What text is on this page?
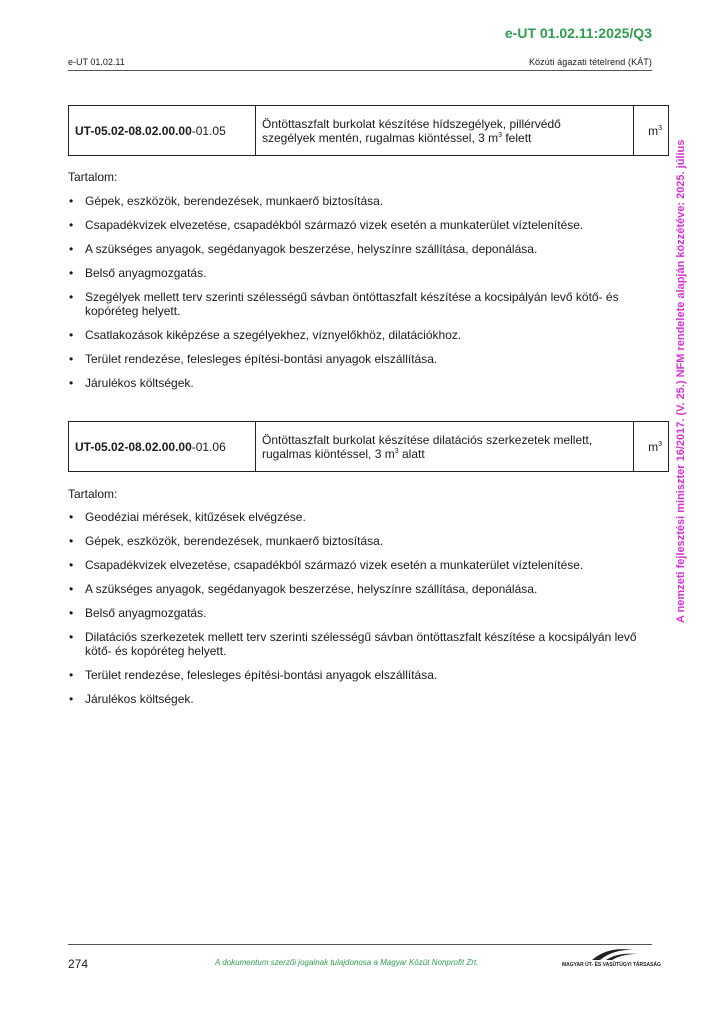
e-UT 01.02.11:2025/Q3
e-UT 01.02.11	Közúti ágazati tételrend (KÁT)
A nemzeti fejlesztési miniszter 16/2017. (V. 25.) NFM rendelete alapján közzétéve: 2025. július
UT-05.02-08.02.00.00-01.05	Öntöttaszfalt burkolat készítése hídszegélyek, pillérvédő
szegélyek mentén, rugalmas kiöntéssel, 3 $m^3$ felett	$m^3$
Tartalom:
• Gépek, eszközök, berendezések, munkaerő biztosítása.
• Csapadékvizek elvezetése, csapadékból származó vizek esetén a munkaterület víztelenítése.
• A szükséges anyagok, segédanyagok beszerzése, helyszínre szállítása, deponálása.
• Belső anyagmozgatás.
• Szegélyek mellett terv szerinti szélességű sávban öntöttaszfalt készítése a kocsipályán levő kötő- és kopóréteg helyett.
• Csatlakozások kiképzése a szegélyekhez, víznyelőkhöz, dilatációkhoz.
• Terület rendezése, felesleges építési-bontási anyagok elszállítása.
• Járulékos költségek.
UT-05.02-08.02.00.00-01.06	Öntöttaszfalt burkolat készítése dilatációs szerkezetek mellett,
rugalmas kiöntéssel, 3 $m^3$ alatt	$m^3$
Tartalom:
• Geodéziai mérések, kitűzések elvégzése.
• Gépek, eszközök, berendezések, munkaerő biztosítása.
• Csapadékvizek elvezetése, csapadékból származó vizek esetén a munkaterület víztelenítése.
• A szükséges anyagok, segédanyagok beszerzése, helyszínre szállítása, deponálása.
• Belső anyagmozgatás.
• Dilatációs szerkezetek mellett terv szerinti szélességű sávban öntöttaszfalt készítése a kocsipályán levő kötő- és kopóréteg helyett.
• Terület rendezése, felesleges építési-bontási anyagok elszállítása.
• Járulékos költségek.
274	A dokumentum szerzői jogainak tulajdonosa a Magyar Közút Nonprofit Zrt.	MAGYAR ÚT- ÉS VASÚTÜGYI TÁRSASÁG
